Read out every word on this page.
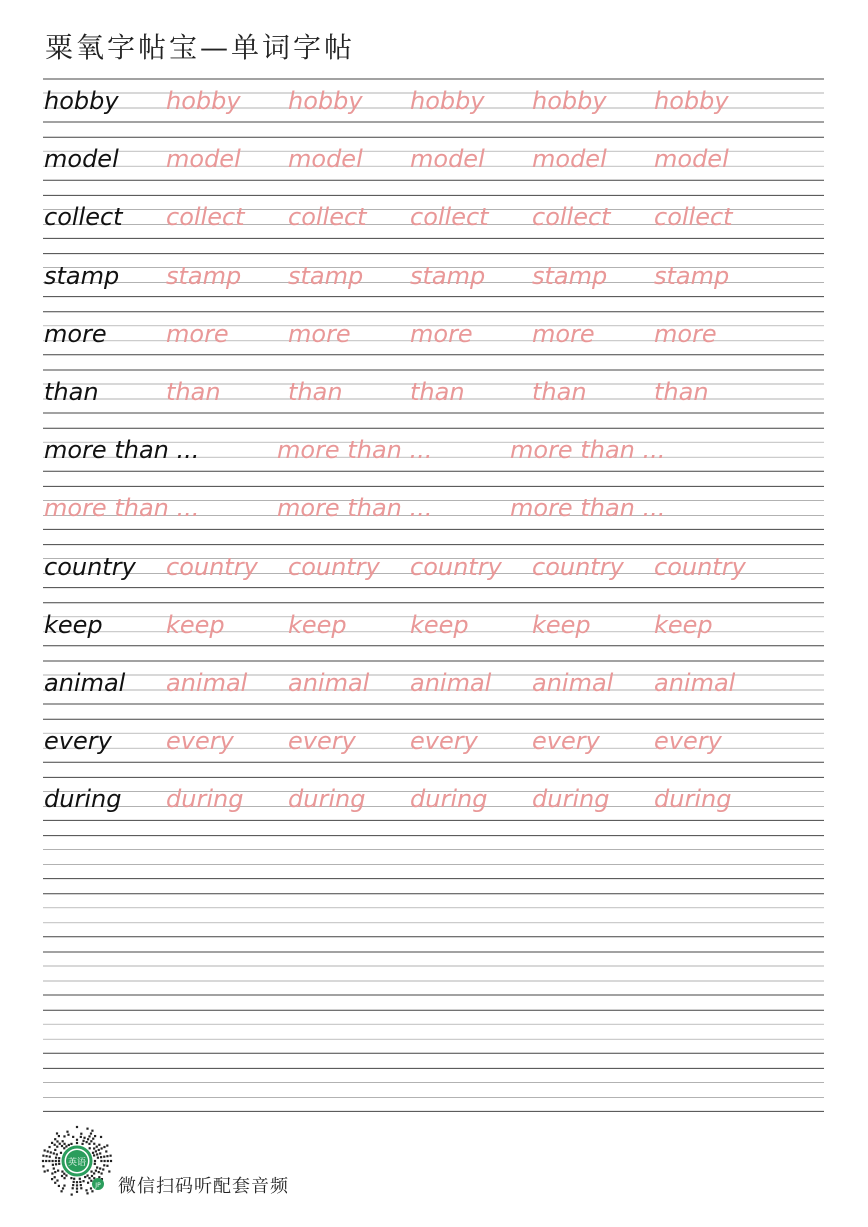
粟氧字帖宝—单词字帖
hobby hobby hobby hobby hobby hobby
model model model model model model
collect collect collect collect collect collect
stamp stamp stamp stamp stamp stamp
more more more more more more
than	than	than	than	than	than
more than ...	more than ...	more than ...
more than ...	more than ...	more than ...
country country country country country country
keep	keep	keep	keep	keep	keep
animal animal animal animal animal animal
every every every every every every
during during during during during during
英语
JP 微信扫码听配套音频
